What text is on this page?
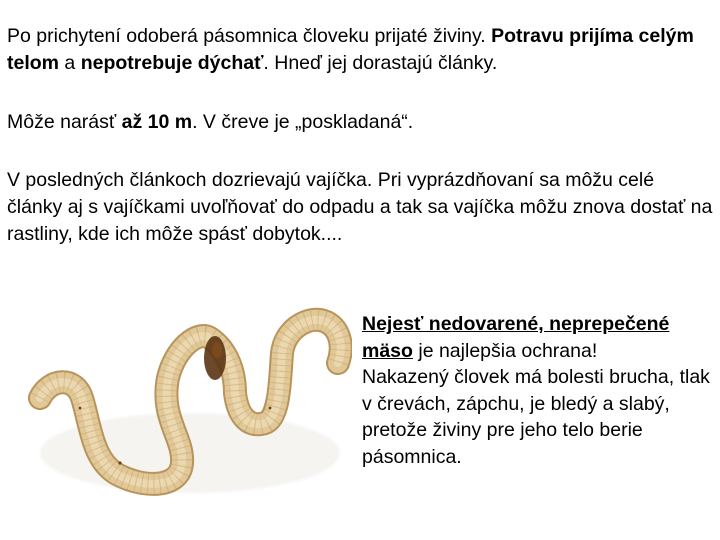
Po prichytení odoberá pásomnica človeku prijaté živiny. Potravu prijíma celým telom a nepotrebuje dýchať. Hneď jej dorastajú články.

Môže narásť až 10 m. V čreve je „poskladaná“.

V posledných článkoch dozrievajú vajíčka. Pri vyprázdňovaní sa môžu celé články aj s vajíčkami uvoľňovať do odpadu a tak sa vajíčka môžu znova dostať na rastliny, kde ich môže spásť dobytok....

Nejesť nedovarené, neprepečené mäso je najlepšia ochrana!
Nakazený človek má bolesti brucha, tlak v črevách, zápchu, je bledý a slabý, pretože živiny pre jeho telo berie pásomnica.
